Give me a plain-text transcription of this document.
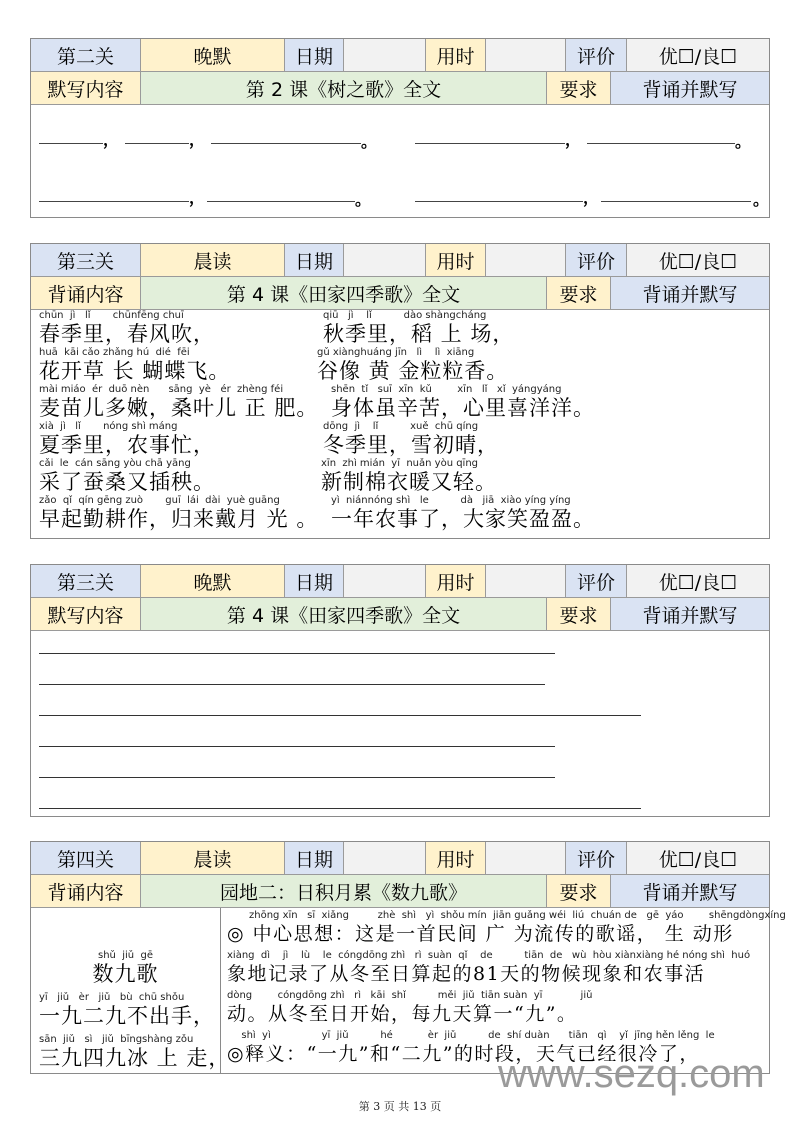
第二关	晚默	日期	用时	评价	优☐/良☐
默写内容	第 2 课《树之歌》全文	要求	背诵并默写
，	，	。	，	。
，	。	，	。
第三关	晨读	日期	用时	评价	优☐/良☐
背诵内容	第 4 课《田家四季歌》全文	要求	背诵并默写
chūn  jì   lǐ       chūnfēng chuī
春季里，春风吹，
qiū   jì    lǐ          dào shàngcháng
秋季里，稻 上 场，
huā  kāi cǎo zhǎng hú  dié  fēi
花开草 长 蝴蝶飞。
gǔ xiànghuáng jīn   lì    lì  xiāng
谷像 黄 金粒粒香。
mài miáo  ér  duō nèn      sāng  yè   ér  zhèng féi
麦苗儿多嫩，桑叶儿 正 肥。
shēn  tǐ   suī  xīn  kǔ        xīn   lǐ   xǐ  yángyáng
身体虽辛苦，心里喜洋洋。
xià  jì   lǐ       nóng shì máng
夏季里，农事忙，
dōng  jì    lǐ          xuě  chū qíng
冬季里，雪初晴，
cǎi  le  cán sāng yòu chā yāng
采了蚕桑又插秧。
xīn  zhì mián  yī  nuǎn yòu qīng
新制棉衣暖又轻。
zǎo  qǐ  qín gēng zuò       guī  lái  dài  yuè guāng
早起勤耕作，归来戴月 光 。
yì  niánnóng shì   le          dà   jiā  xiào yíng yíng
一年农事了，大家笑盈盈。
第三关	晚默	日期	用时	评价	优☐/良☐
默写内容	第 4 课《田家四季歌》全文	要求	背诵并默写
第四关	晨读	日期	用时	评价	优☐/良☐
背诵内容	园地二：日积月累《数九歌》	要求	背诵并默写
shǔ  jiǔ  gē
数九歌
yī   jiǔ   èr   jiǔ   bù  chū shǒu
一九二九不出手，
sān  jiǔ   sì   jiǔ  bīngshàng zǒu
三九四九冰 上 走，
zhōng xīn   sī  xiǎng         zhè  shì   yì  shǒu mín  jiān guǎng wéi  liú  chuán de   gē  yáo        shēngdòngxíng
◎ 中心思想：这是一首民间 广 为流传的歌谣， 生 动形
xiàng  dì    jì    lù    le  cóngdōng zhì   rì  suàn  qǐ    de          tiān  de   wù  hòu xiànxiàng hé nóng shì  huó
象地记录了从冬至日算起的81天的物候现象和农事活
dòng        cóngdōng zhì   rì   kāi  shǐ          měi  jiǔ  tiān suàn  yī            jiǔ
动。从冬至日开始，每九天算一“九”。
shì  yì                yī  jiǔ          hé           èr  jiǔ          de  shí duàn      tiān   qì    yǐ  jīng hěn lěng  le
◎释义：“一九”和“二九”的时段，天气已经很冷了，
www.sezq.com
第 3 页 共 13 页
